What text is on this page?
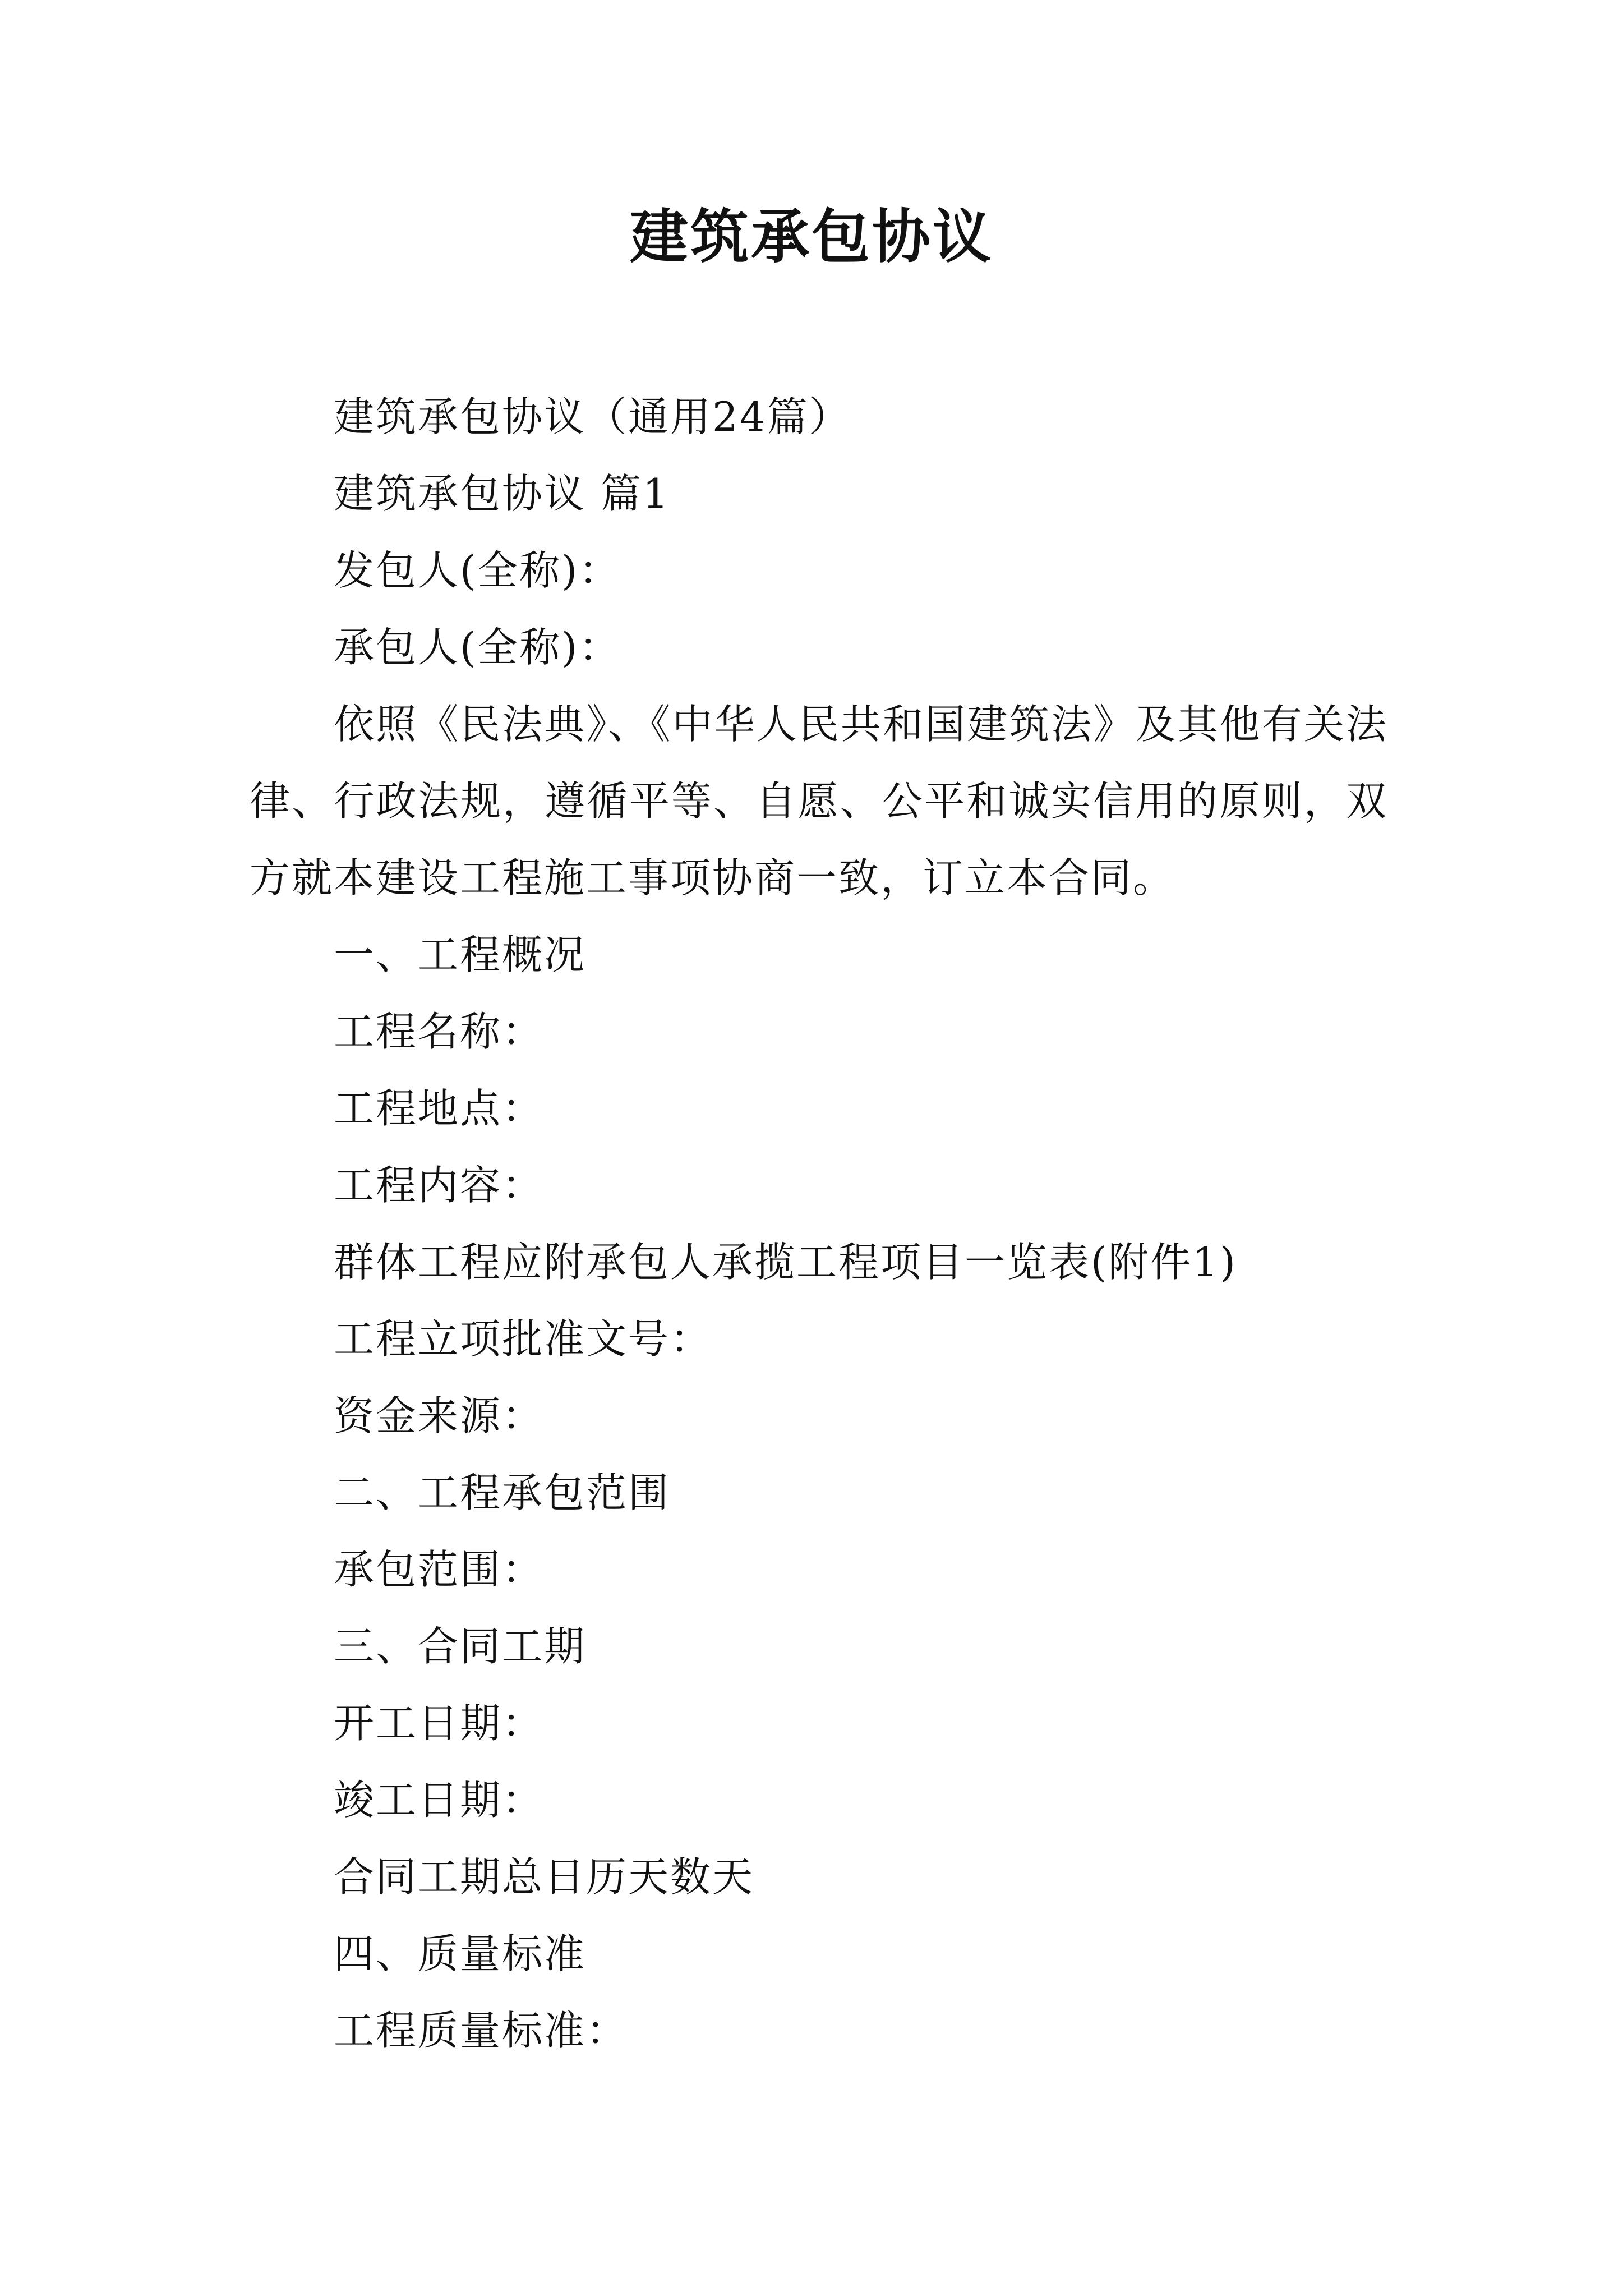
建筑承包协议

建筑承包协议（通用24篇）

建筑承包协议 篇1

发包人(全称)：

承包人(全称)：

依照《民法典》、《中华人民共和国建筑法》及其他有关法律、行政法规，遵循平等、自愿、公平和诚实信用的原则，双方就本建设工程施工事项协商一致，订立本合同。

一、工程概况

工程名称：

工程地点：

工程内容：

群体工程应附承包人承揽工程项目一览表(附件1)

工程立项批准文号：

资金来源：

二、工程承包范围

承包范围：

三、合同工期

开工日期：

竣工日期：

合同工期总日历天数天

四、质量标准

工程质量标准：
